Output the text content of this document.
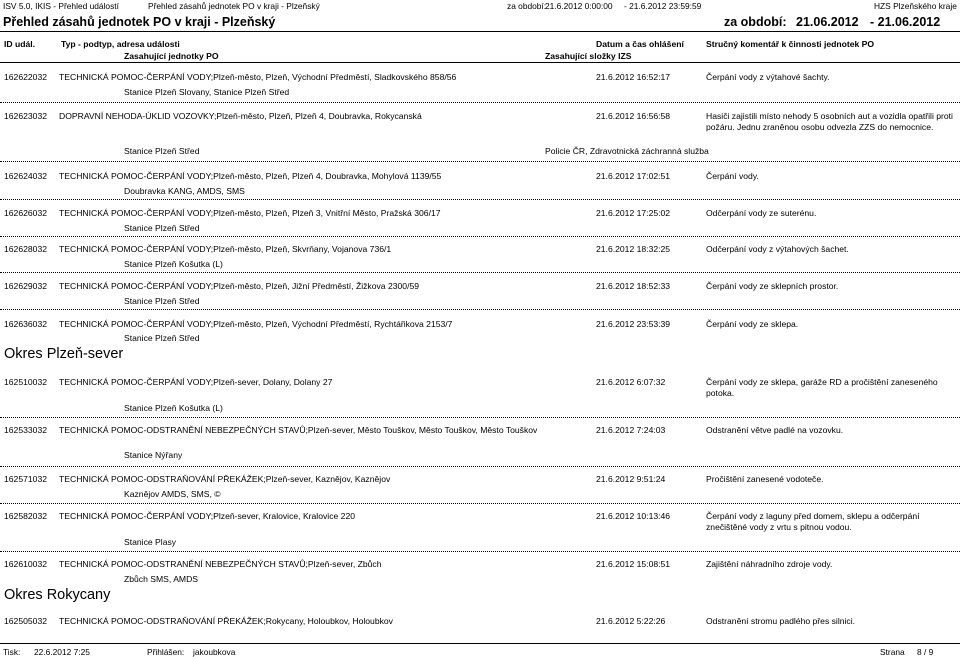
ISV 5.0, IKIS - Přehled událostí	Přehled zásahů jednotek PO v kraji - Plzeňský	za období:
21.6.2012 0:00:00 - 21.6.2012 23:59:59	HZS Plzeňského kraje
Přehled zásahů jednotek PO v kraji - Plzeňský	za období: 21.06.2012 - 21.06.2012
ID udál.	Typ - podtyp, adresa události
Zasahující jednotky PO
Datum a čas ohlášení	Stručný komentář k činnosti jednotek PO
Zasahující složky IZS
162622032 TECHNICKÁ POMOC-ČERPÁNÍ VODY;Plzeň-město, Plzeň, Východní Předměstí, Sladkovského 858/56
Stanice Plzeň Slovany, Stanice Plzeň Střed
21.6.2012 16:52:17	Čerpání vody z výtahové šachty.
162623032 DOPRAVNÍ NEHODA-ÚKLID VOZOVKY;Plzeň-město, Plzeň, Plzeň 4, Doubravka, Rokycanská
Stanice Plzeň Střed	Policie ČR, Zdravotnická záchranná služba
21.6.2012 16:56:58	Hasiči zajistili místo nehody 5 osobních aut a vozidla opatřili proti požáru. Jednu zraněnou osobu odvezla ZZS do nemocnice.
162624032 TECHNICKÁ POMOC-ČERPÁNÍ VODY;Plzeň-město, Plzeň, Plzeň 4, Doubravka, Mohylová 1139/55
Doubravka KANG, AMDS, SMS
21.6.2012 17:02:51	Čerpání vody.
162626032 TECHNICKÁ POMOC-ČERPÁNÍ VODY;Plzeň-město, Plzeň, Plzeň 3, Vnitřní Město, Pražská 306/17
Stanice Plzeň Střed
21.6.2012 17:25:02	Odčerpání vody ze suterénu.
162628032 TECHNICKÁ POMOC-ČERPÁNÍ VODY;Plzeň-město, Plzeň, Skvrňany, Vojanova 736/1
Stanice Plzeň Košutka (L)
21.6.2012 18:32:25	Odčerpání vody z výtahových šachet.
162629032 TECHNICKÁ POMOC-ČERPÁNÍ VODY;Plzeň-město, Plzeň, Jižní Předměstí, Žižkova 2300/59
Stanice Plzeň Střed
21.6.2012 18:52:33	Čerpání vody ze sklepních prostor.
162636032 TECHNICKÁ POMOC-ČERPÁNÍ VODY;Plzeň-město, Plzeň, Východní Předměstí, Rychtářikova 2153/7
Stanice Plzeň Střed
21.6.2012 23:53:39	Čerpání vody ze sklepa.
Okres Plzeň-sever
162510032 TECHNICKÁ POMOC-ČERPÁNÍ VODY;Plzeň-sever, Dolany, Dolany 27
Stanice Plzeň Košutka (L)
21.6.2012 6:07:32	Čerpání vody ze sklepa, garáže RD a pročištění zaneseného potoka.
162533032 TECHNICKÁ POMOC-ODSTRANĚNÍ NEBEZPEČNÝCH STAVŮ;Plzeň-sever, Město Touškov, Město Touškov, Město Touškov
Stanice Nýřany
21.6.2012 7:24:03	Odstranění větve padlé na vozovku.
162571032 TECHNICKÁ POMOC-ODSTRAŇOVÁNÍ PŘEKÁŽEK;Plzeň-sever, Kaznějov, Kaznějov
Kaznějov AMDS, SMS, ©
21.6.2012 9:51:24	Pročištění zanesené vodoteče.
162582032 TECHNICKÁ POMOC-ČERPÁNÍ VODY;Plzeň-sever, Kralovice, Kralovice 220
Stanice Plasy
21.6.2012 10:13:46	Čerpání vody z laguny před domem, sklepu a odčerpání znečištěné vody z vrtu s pitnou vodou.
162610032 TECHNICKÁ POMOC-ODSTRANĚNÍ NEBEZPEČNÝCH STAVŮ;Plzeň-sever, Zbůch
Zbůch SMS, AMDS
21.6.2012 15:08:51	Zajištění náhradního zdroje vody.
Okres Rokycany
162505032 TECHNICKÁ POMOC-ODSTRAŇOVÁNÍ PŘEKÁŽEK;Rokycany, Holoubkov, Holoubkov	21.6.2012 5:22:26	Odstranění stromu padlého přes silnici.
Tisk: 22.6.2012 7:25	Přihlášen: jakoubkova	Strana 8 / 9
